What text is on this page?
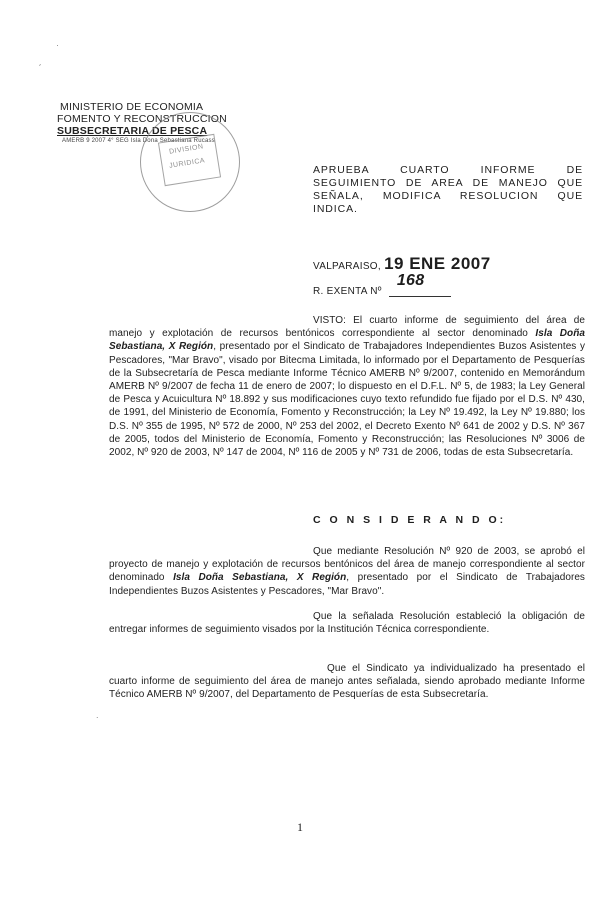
·
'
MINISTERIO DE ECONOMIA
FOMENTO Y RECONSTRUCCION
SUBSECRETARIA DE PESCA
AMERB 9 2007 4° SEG Isla Dona Sebastiana Rucass
DIVISION
JURIDICA
APRUEBA CUARTO INFORME DE SEGUIMIENTO DE AREA DE MANEJO QUE SEÑALA, MODIFICA RESOLUCION QUE INDICA.
VALPARAISO, 19 ENE 2007
R. EXENTA Nº
168
VISTO: El cuarto informe de seguimiento del área de manejo y explotación de recursos bentónicos correspondiente al sector denominado Isla Doña Sebastiana, X Región, presentado por el Sindicato de Trabajadores Independientes Buzos Asistentes y Pescadores, "Mar Bravo", visado por Bitecma Limitada, lo informado por el Departamento de Pesquerías de la Subsecretaría de Pesca mediante Informe Técnico AMERB Nº 9/2007, contenido en Memorándum AMERB Nº 9/2007 de fecha 11 de enero de 2007; lo dispuesto en el D.F.L. Nº 5, de 1983; la Ley General de Pesca y Acuicultura Nº 18.892 y sus modificaciones cuyo texto refundido fue fijado por el D.S. Nº 430, de 1991, del Ministerio de Economía, Fomento y Reconstrucción; la Ley Nº 19.492, la Ley Nº 19.880; los D.S. Nº 355 de 1995, Nº 572 de 2000, Nº 253 del 2002, el Decreto Exento Nº 641 de 2002 y D.S. Nº 367 de 2005, todos del Ministerio de Economía, Fomento y Reconstrucción; las Resoluciones Nº 3006 de 2002, Nº 920 de 2003, Nº 147 de 2004, Nº 116 de 2005 y Nº 731 de 2006, todas de esta Subsecretaría.
C O N S I D E R A N D O:
Que mediante Resolución Nº 920 de 2003, se aprobó el proyecto de manejo y explotación de recursos bentónicos del área de manejo correspondiente al sector denominado Isla Doña Sebastiana, X Región, presentado por el Sindicato de Trabajadores Independientes Buzos Asistentes y Pescadores, "Mar Bravo".
Que la señalada Resolución estableció la obligación de entregar informes de seguimiento visados por la Institución Técnica correspondiente.
Que el Sindicato ya individualizado ha presentado el cuarto informe de seguimiento del área de manejo antes señalada, siendo aprobado mediante Informe Técnico AMERB Nº 9/2007, del Departamento de Pesquerías de esta Subsecretaría.
.
1
